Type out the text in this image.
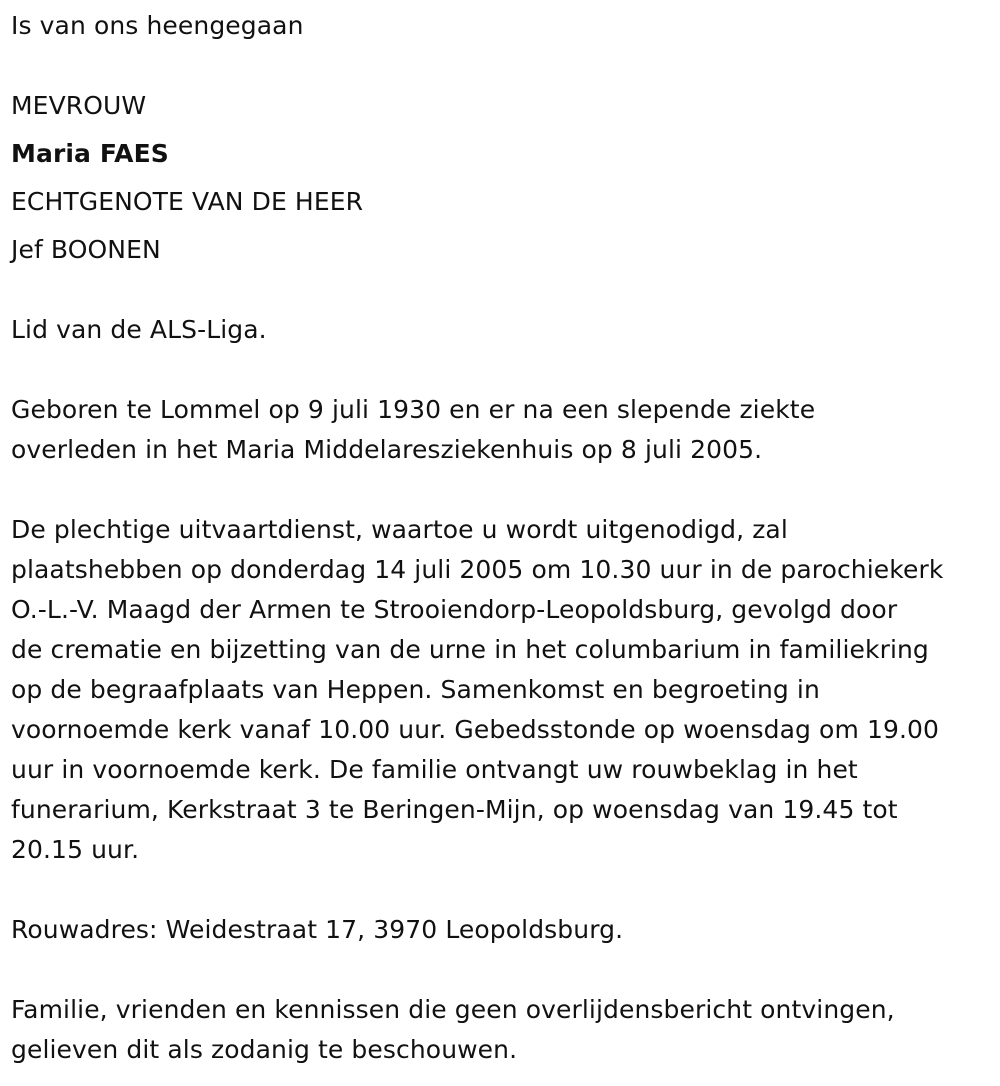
Is van ons heengegaan

MEVROUW

Maria FAES

ECHTGENOTE VAN DE HEER

Jef BOONEN

Lid van de ALS-Liga.

Geboren te Lommel op 9 juli 1930 en er na een slepende ziekte
overleden in het Maria Middelaresziekenhuis op 8 juli 2005.
De plechtige uitvaartdienst, waartoe u wordt uitgenodigd, zal
plaatshebben op donderdag 14 juli 2005 om 10.30 uur in de parochiekerk
O.-L.-V. Maagd der Armen te Strooiendorp-Leopoldsburg, gevolgd door
de crematie en bijzetting van de urne in het columbarium in familiekring
op de begraafplaats van Heppen. Samenkomst en begroeting in
voornoemde kerk vanaf 10.00 uur. Gebedsstonde op woensdag om 19.00
uur in voornoemde kerk. De familie ontvangt uw rouwbeklag in het
funerarium, Kerkstraat 3 te Beringen-Mijn, op woensdag van 19.45 tot
20.15 uur.

Rouwadres: Weidestraat 17, 3970 Leopoldsburg.

Familie, vrienden en kennissen die geen overlijdensbericht ontvingen,
gelieven dit als zodanig te beschouwen.
